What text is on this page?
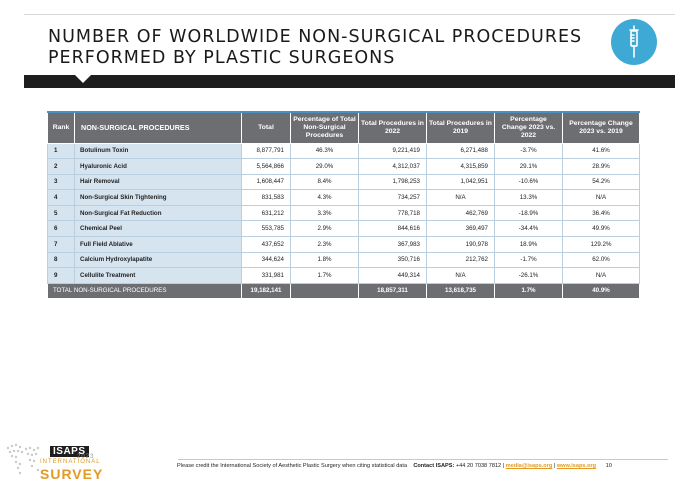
NUMBER OF WORLDWIDE NON-SURGICAL PROCEDURES PERFORMED BY PLASTIC SURGEONS
Rank	NON-SURGICAL PROCEDURES	Total	Percentage of Total Non-Surgical Procedures	Total Procedures in 2022	Total Procedures in 2019	Percentage Change 2023 vs. 2022	Percentage Change 2023 vs. 2019
1	Botulinum Toxin	8,877,791	46.3%	9,221,419	6,271,488	-3.7%	41.6%
2	Hyaluronic Acid	5,564,866	29.0%	4,312,037	4,315,859	29.1%	28.9%
3	Hair Removal	1,608,447	8.4%	1,798,253	1,042,951	-10.6%	54.2%
4	Non-Surgical Skin Tightening	831,583	4.3%	734,257	N/A	13.3%	N/A
5	Non-Surgical Fat Reduction	631,212	3.3%	778,718	462,769	-18.9%	36.4%
6	Chemical Peel	553,785	2.9%	844,616	369,497	-34.4%	49.9%
7	Full Field Ablative	437,652	2.3%	367,983	190,978	18.9%	129.2%
8	Calcium Hydroxylapatite	344,624	1.8%	350,716	212,762	-1.7%	62.0%
9	Cellulite Treatment	331,981	1.7%	449,314	N/A	-26.1%	N/A
TOTAL NON-SURGICAL PROCEDURES		19,182,141		18,857,311	13,618,735	1.7%	40.9%
ISAPS
2023
INTERNATIONAL
SURVEY	Please credit the International Society of Aesthetic Plastic Surgery when citing statistical data Contact ISAPS: +44 20 7038 7812 | media@isaps.org | www.isaps.org 10
